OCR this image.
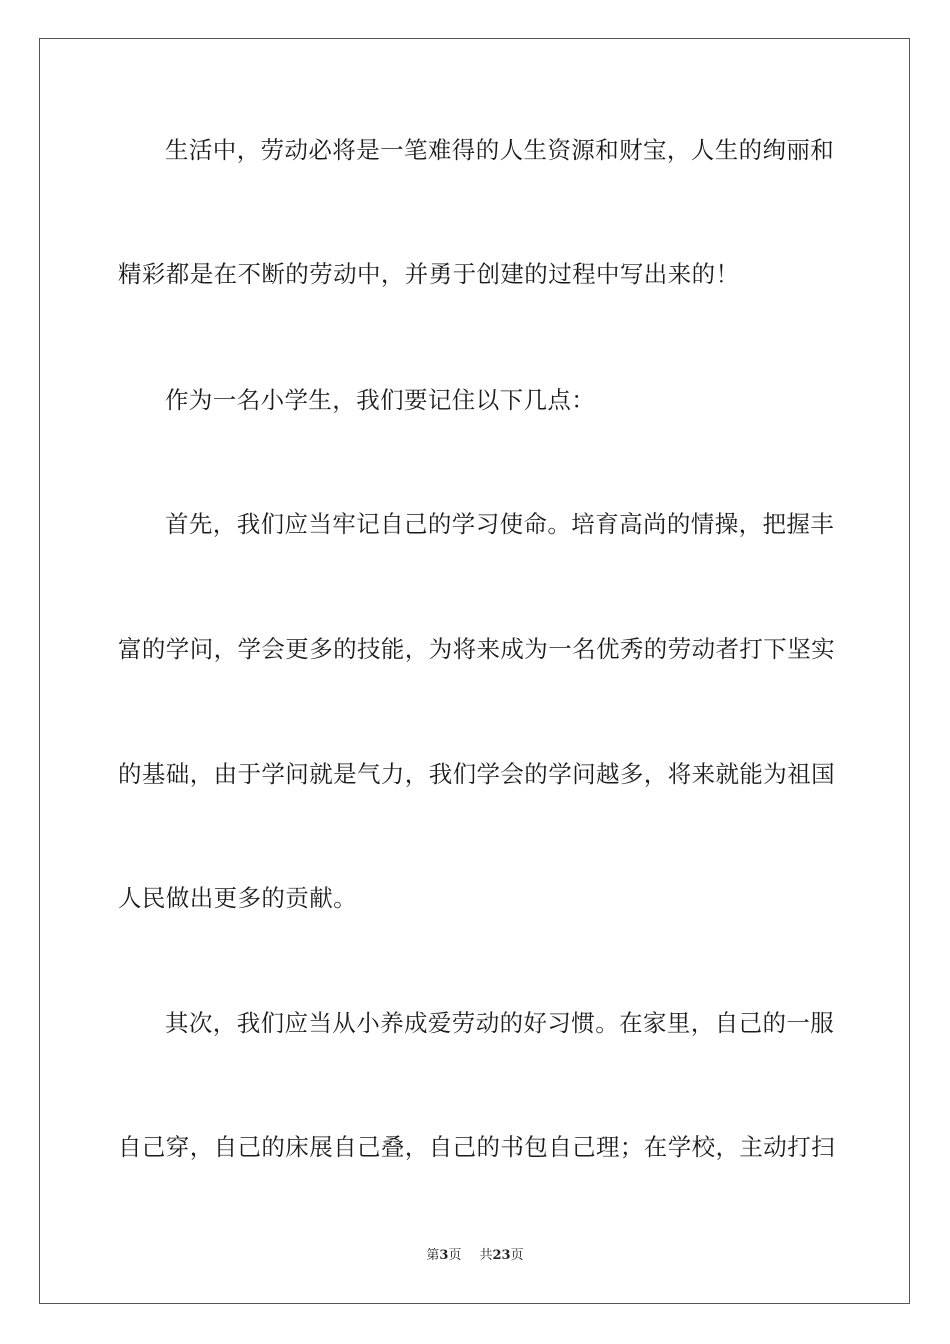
生活中，劳动必将是一笔难得的人生资源和财宝，人生的绚丽和
精彩都是在不断的劳动中，并勇于创建的过程中写出来的！
作为一名小学生，我们要记住以下几点：
首先，我们应当牢记自己的学习使命。培育高尚的情操，把握丰
富的学问，学会更多的技能，为将来成为一名优秀的劳动者打下坚实
的基础，由于学问就是气力，我们学会的学问越多，将来就能为祖国
人民做出更多的贡献。
其次，我们应当从小养成爱劳动的好习惯。在家里，自己的一服
自己穿，自己的床展自己叠，自己的书包自己理；在学校，主动打扫
第3页 共23页
